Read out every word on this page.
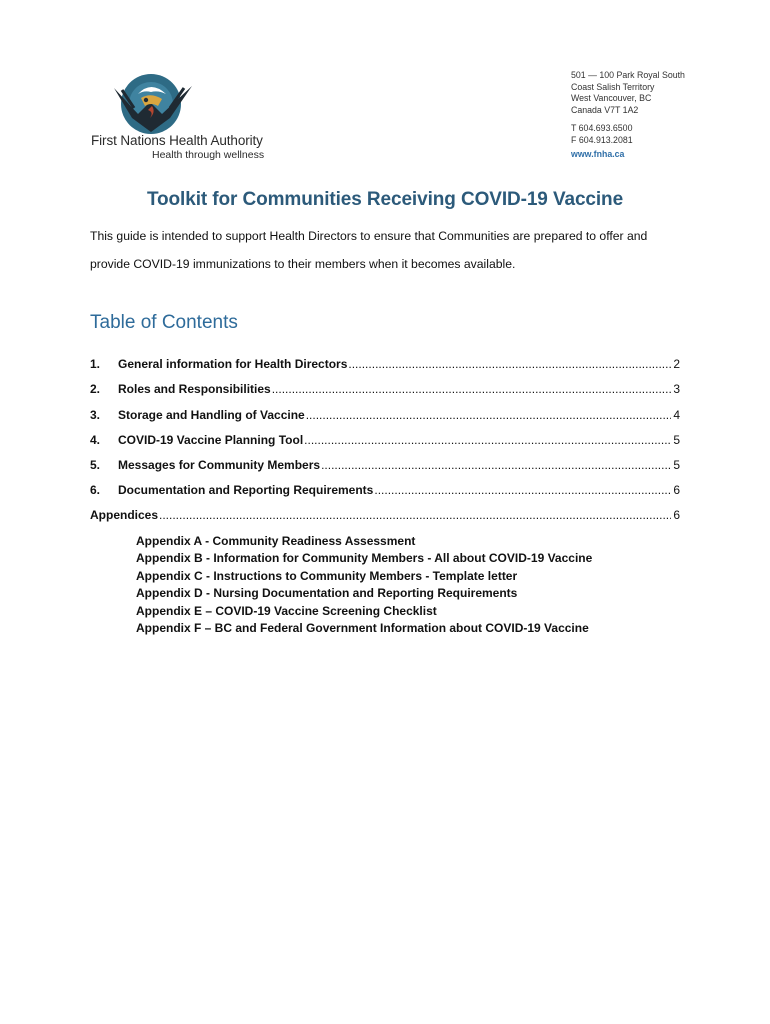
First Nations Health Authority
Health through wellness
501 — 100 Park Royal South
Coast Salish Territory
West Vancouver, BC
Canada V7T 1A2
T 604.693.6500
F 604.913.2081
www.fnha.ca
Toolkit for Communities Receiving COVID-19 Vaccine
This guide is intended to support Health Directors to ensure that Communities are prepared to offer and provide COVID-19 immunizations to their members when it becomes available.
Table of Contents
1.	General information for Health Directors .....	2
2.	Roles and Responsibilities .....	3
3.	Storage and Handling of Vaccine .....	4
4.	COVID-19 Vaccine Planning Tool .....	5
5.	Messages for Community Members .....	5
6.	Documentation and Reporting Requirements .....	6
Appendices .....	6
Appendix A - Community Readiness Assessment
Appendix B - Information for Community Members - All about COVID-19 Vaccine
Appendix C - Instructions to Community Members - Template letter
Appendix D - Nursing Documentation and Reporting Requirements
Appendix E – COVID-19 Vaccine Screening Checklist
Appendix F – BC and Federal Government Information about COVID-19 Vaccine
